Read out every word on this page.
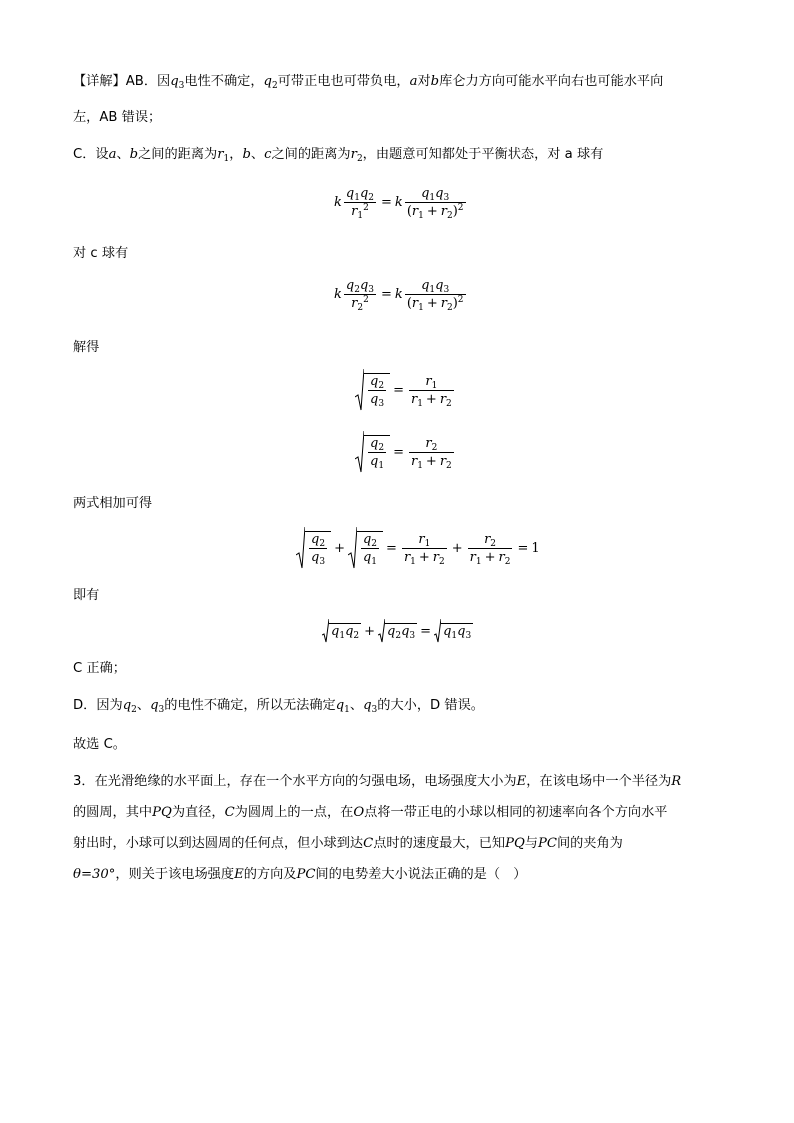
【详解】AB．因$q_3$电性不确定，$q_2$可带正电也可带负电，a对b库仑力方向可能水平向右也可能水平向
左，AB 错误；
C．设a、b之间的距离为$r_1$，b、c之间的距离为$r_2$，由题意可知都处于平衡状态，对 a 球有
k $\frac{q_1q_2}{r_1^2} = k \frac{q_1q_3}{(r_1 + r_2)^2}$
对 c 球有
k $\frac{q_2q_3}{r_2^2} = k \frac{q_1q_3}{(r_1 + r_2)^2}$
解得
$\frac{q_2}{q_3} = \frac{r_1}{r_1 + r_2}$
$\frac{q_2}{q_1} = \frac{r_2}{r_1 + r_2}$
两式相加可得
$\frac{q_2}{q_3} + \frac{q_2}{q_1} = \frac{r_1}{r_1 + r_2} + \frac{r_2}{r_1 + r_2} = 1$
即有
$q_1q_2 + q_2q_3 = q_1q_3$
C 正确；
D．因为$q_2$、$q_3$的电性不确定，所以无法确定$q_1$、$q_3$的大小，D 错误。
故选 C。
3．在光滑绝缘的水平面上，存在一个水平方向的匀强电场，电场强度大小为E，在该电场中一个半径为R
的圆周，其中PQ为直径，C为圆周上的一点，在O点将一带正电的小球以相同的初速率向各个方向水平
射出时，小球可以到达圆周的任何点，但小球到达C点时的速度最大，已知PQ与PC间的夹角为
θ=30°，则关于该电场强度E的方向及PC间的电势差大小说法正确的是（　）
